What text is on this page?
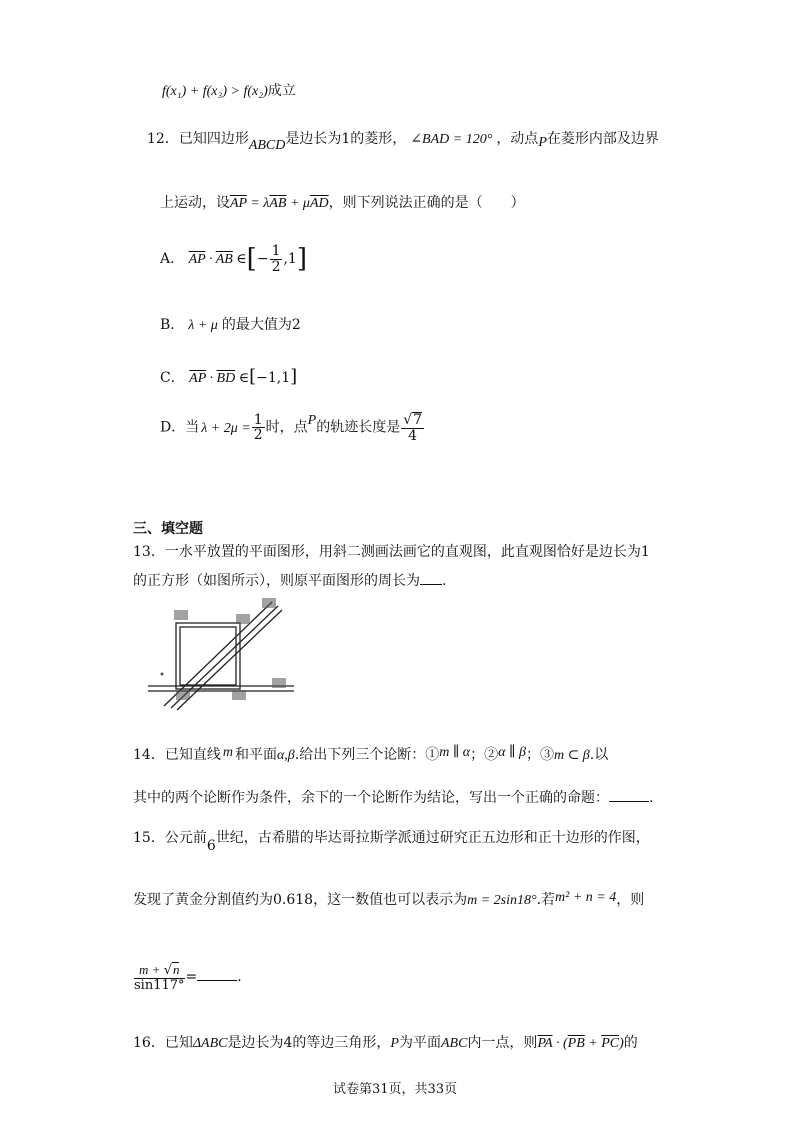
f(x₁) + f(x₃) > f(x₂)成立
12．已知四边形ABCD是边长为1的菱形， ∠BAD = 120° ，动点P在菱形内部及边界
上运动，设$\overline{AP} = \lambda\overline{AB} + \mu\overline{AD}$，则下列说法正确的是（　　）
A． $\overline{AP} \cdot \overline{AB}$ ∈[− $\frac{1}{2} ,1$]
B． λ + μ 的最大值为2
C． $\overline{AP} \cdot \overline{BD}$ ∈[−1,1]
D．当 $\lambda + 2\mu = \frac{1}{2}$ 时，点P的轨迹长度是 $\frac{√7}{4}$
三、填空题
13．一水平放置的平面图形，用斜二测画法画它的直观图，此直观图恰好是边长为1
的正方形（如图所示），则原平面图形的周长为 .
14．已知直线 m 和平面α,β.给出下列三个论断：①m ∥ α；②α ∥ β；③m ⊂ β.以
其中的两个论断作为条件，余下的一个论断作为结论，写出一个正确的命题：	.
15．公元前6世纪，古希腊的毕达哥拉斯学派通过研究正五边形和正十边形的作图，
发现了黄金分割值约为0.618，这一数值也可以表示为m = 2sin18°.若m² + n = 4，则
$\frac{m + √n}{\sin 117^\circ}$ =	.
16．已知ΔABC是边长为4的等边三角形，P为平面ABC内一点，则$\overline{PA} \cdot (\overline{PB} + \overline{PC})$的
试卷第31页，共33页
